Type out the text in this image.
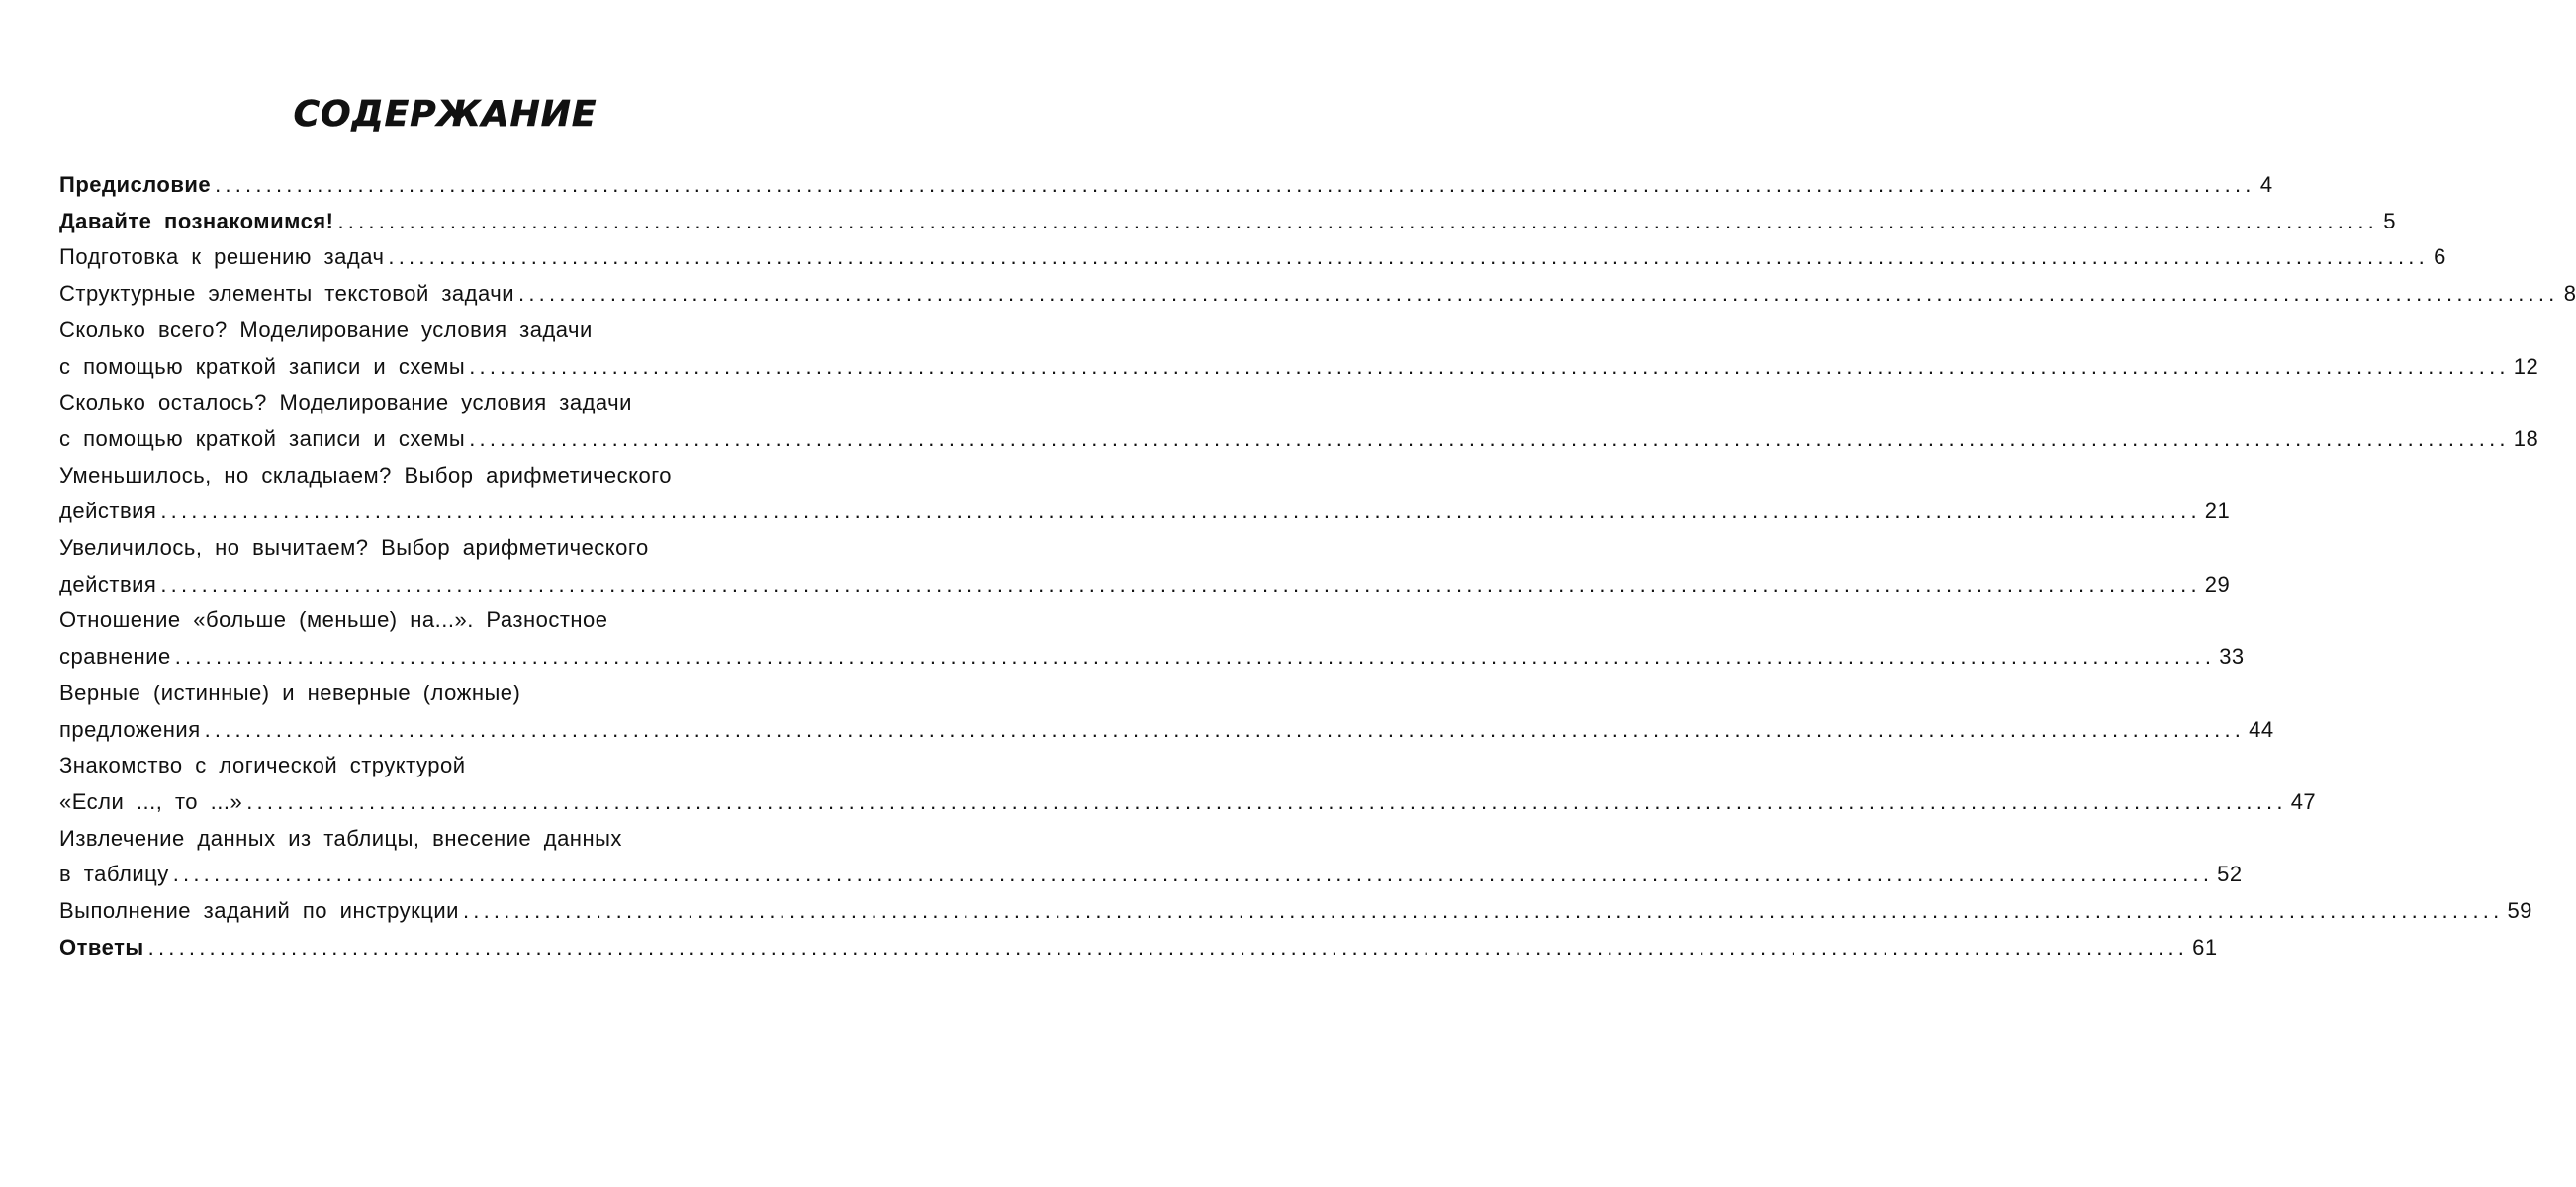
СОДЕРЖАНИЕ
Предисловие ........................................................................................................................................................................................................ 4
Давайте познакомимся! ........................................................................................................................................................................................................ 5
Подготовка к решению задач ........................................................................................................................................................................................................ 6
Структурные элементы текстовой задачи ........................................................................................................................................................................................................ 8
Сколько всего? Моделирование условия задачи
с помощью краткой записи и схемы ........................................................................................................................................................................................................ 12
Сколько осталось? Моделирование условия задачи
с помощью краткой записи и схемы ........................................................................................................................................................................................................ 18
Уменьшилось, но складыаем? Выбор арифметического
действия ........................................................................................................................................................................................................ 21
Увеличилось, но вычитаем? Выбор арифметического
действия ........................................................................................................................................................................................................ 29
Отношение «больше (меньше) на...». Разностное
сравнение ........................................................................................................................................................................................................ 33
Верные (истинные) и неверные (ложные)
предложения ........................................................................................................................................................................................................ 44
Знакомство с логической структурой
«Если ..., то ...» ........................................................................................................................................................................................................ 47
Извлечение данных из таблицы, внесение данных
в таблицу ........................................................................................................................................................................................................ 52
Выполнение заданий по инструкции ........................................................................................................................................................................................................ 59
Ответы ........................................................................................................................................................................................................ 61
